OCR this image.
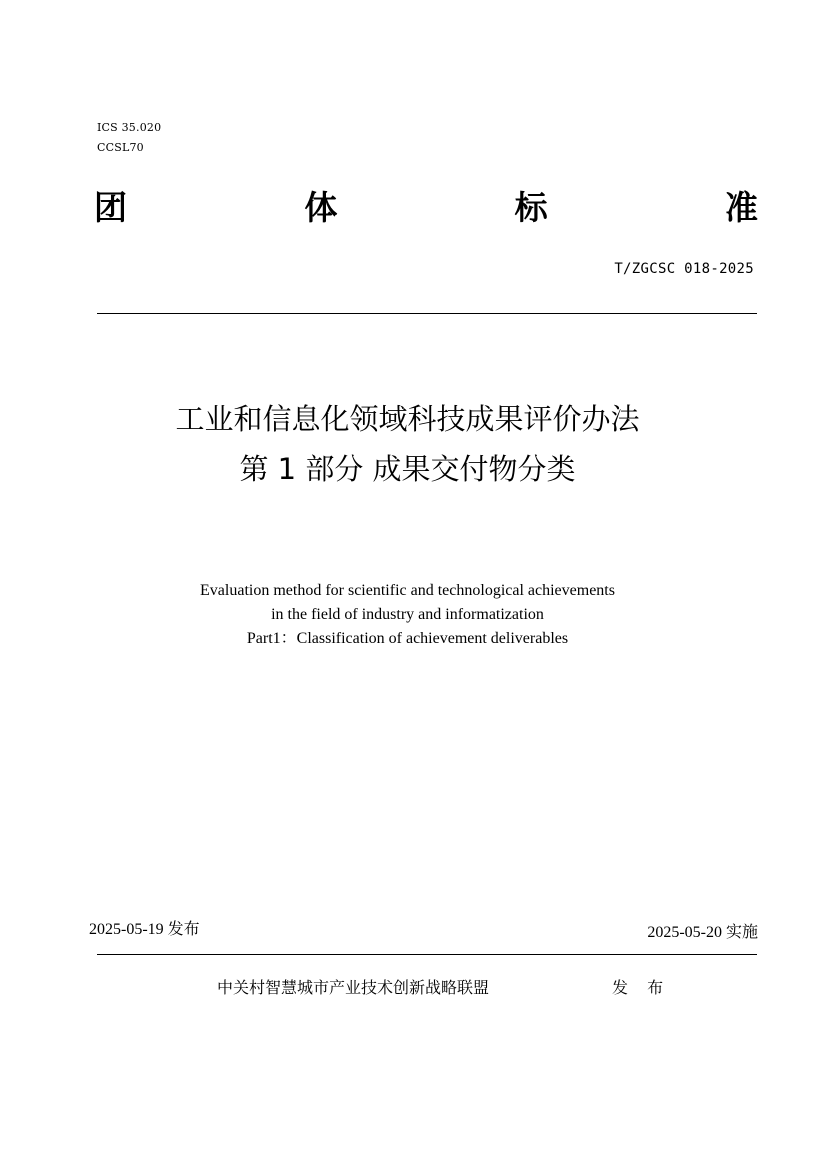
ICS 35.020
CCSL70
团	体	标	准
T/ZGCSC 018-2025
工业和信息化领域科技成果评价办法
第 1 部分 成果交付物分类
Evaluation method for scientific and technological achievements
in the field of industry and informatization
Part1：Classification of achievement deliverables
2025-05-19 发布	2025-05-20 实施
中关村智慧城市产业技术创新战略联盟	发 布
